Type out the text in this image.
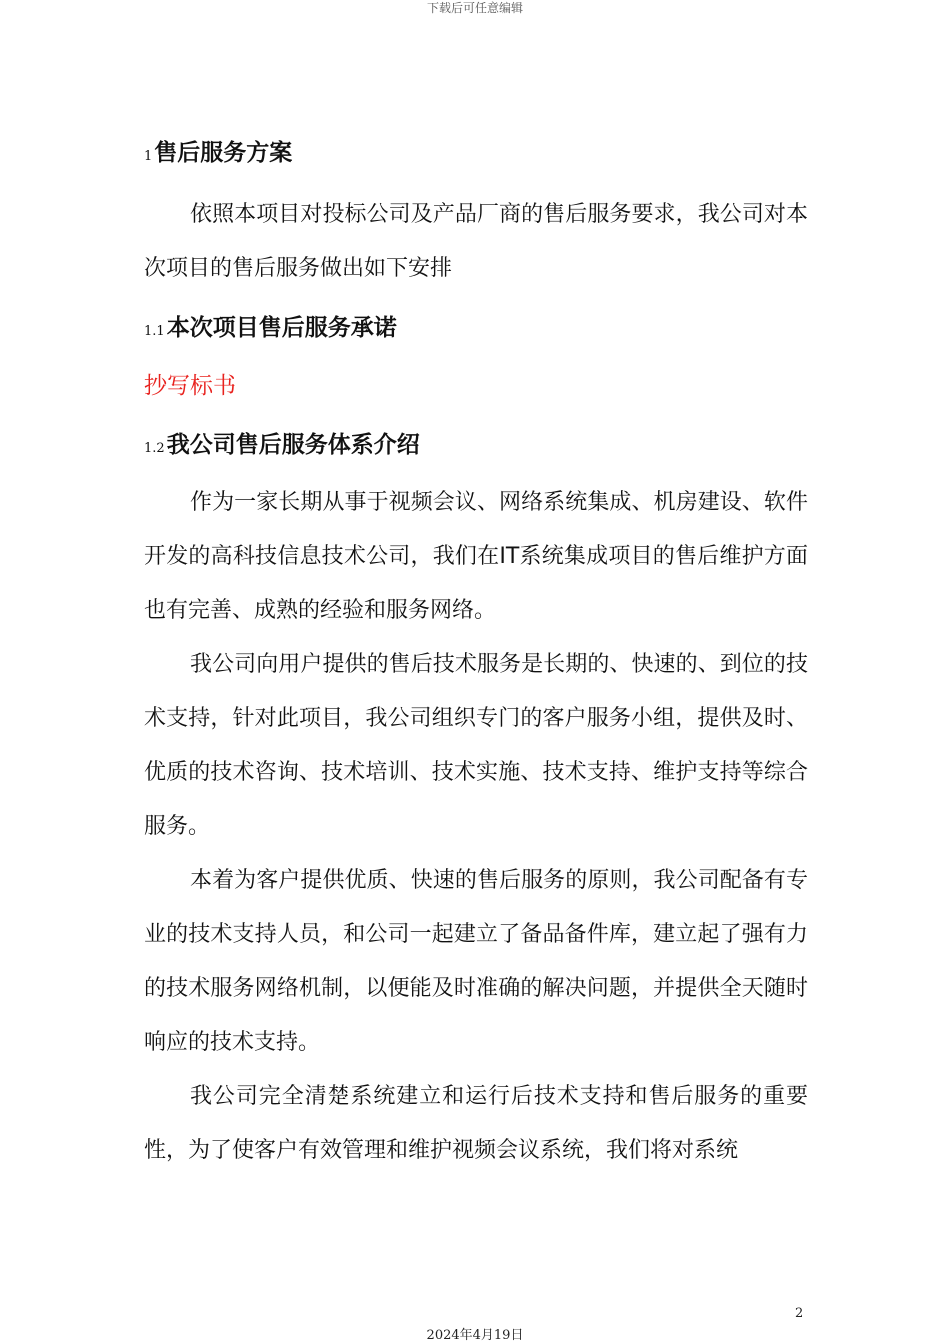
下载后可任意编辑
1售后服务方案
依照本项目对投标公司及产品厂商的售后服务要求，我公司对本次项目的售后服务做出如下安排
1.1本次项目售后服务承诺
抄写标书
1.2我公司售后服务体系介绍
作为一家长期从事于视频会议、网络系统集成、机房建设、软件开发的高科技信息技术公司，我们在IT系统集成项目的售后维护方面也有完善、成熟的经验和服务网络。
我公司向用户提供的售后技术服务是长期的、快速的、到位的技术支持，针对此项目，我公司组织专门的客户服务小组，提供及时、优质的技术咨询、技术培训、技术实施、技术支持、维护支持等综合服务。
本着为客户提供优质、快速的售后服务的原则，我公司配备有专业的技术支持人员，和公司一起建立了备品备件库，建立起了强有力的技术服务网络机制，以便能及时准确的解决问题，并提供全天随时响应的技术支持。
我公司完全清楚系统建立和运行后技术支持和售后服务的重要性，为了使客户有效管理和维护视频会议系统，我们将对系统
2
2024年4月19日
